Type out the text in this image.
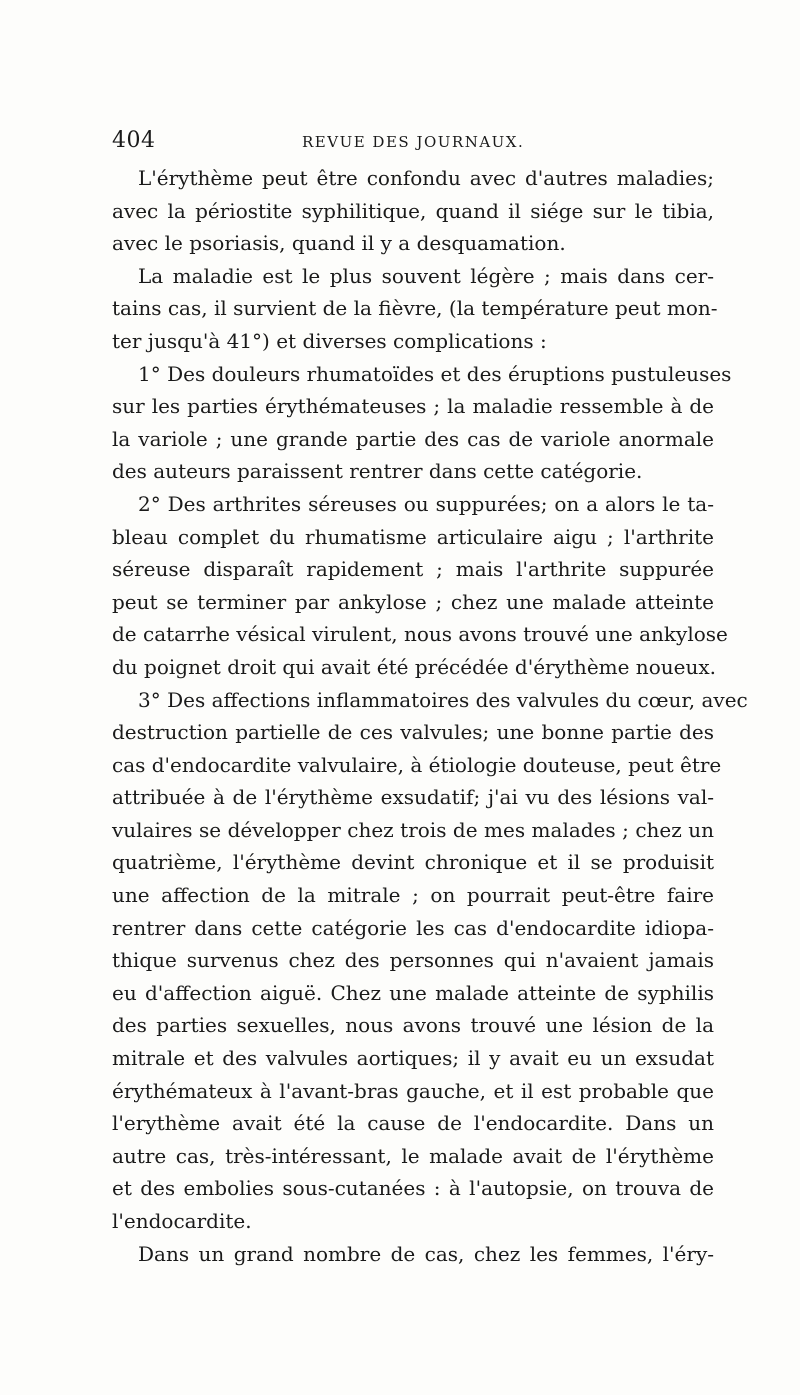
404	REVUE DES JOURNAUX.
L'érythème peut être confondu avec d'autres maladies;
avec la périostite syphilitique, quand il siége sur le tibia,
avec le psoriasis, quand il y a desquamation.
La maladie est le plus souvent légère ; mais dans cer-
tains cas, il survient de la fièvre, (la température peut mon-
ter jusqu'à 41°) et diverses complications :
1° Des douleurs rhumatoïdes et des éruptions pustuleuses
sur les parties érythémateuses ; la maladie ressemble à de
la variole ; une grande partie des cas de variole anormale
des auteurs paraissent rentrer dans cette catégorie.
2° Des arthrites séreuses ou suppurées; on a alors le ta-
bleau complet du rhumatisme articulaire aigu ; l'arthrite
séreuse disparaît rapidement ; mais l'arthrite suppurée
peut se terminer par ankylose ; chez une malade atteinte
de catarrhe vésical virulent, nous avons trouvé une ankylose
du poignet droit qui avait été précédée d'érythème noueux.
3° Des affections inflammatoires des valvules du cœur, avec
destruction partielle de ces valvules; une bonne partie des
cas d'endocardite valvulaire, à étiologie douteuse, peut être
attribuée à de l'érythème exsudatif; j'ai vu des lésions val-
vulaires se développer chez trois de mes malades ; chez un
quatrième, l'érythème devint chronique et il se produisit
une affection de la mitrale ; on pourrait peut-être faire
rentrer dans cette catégorie les cas d'endocardite idiopa-
thique survenus chez des personnes qui n'avaient jamais
eu d'affection aiguë. Chez une malade atteinte de syphilis
des parties sexuelles, nous avons trouvé une lésion de la
mitrale et des valvules aortiques; il y avait eu un exsudat
érythémateux à l'avant-bras gauche, et il est probable que
l'erythème avait été la cause de l'endocardite. Dans un
autre cas, très-intéressant, le malade avait de l'érythème
et des embolies sous-cutanées : à l'autopsie, on trouva de
l'endocardite.
Dans un grand nombre de cas, chez les femmes, l'éry-
